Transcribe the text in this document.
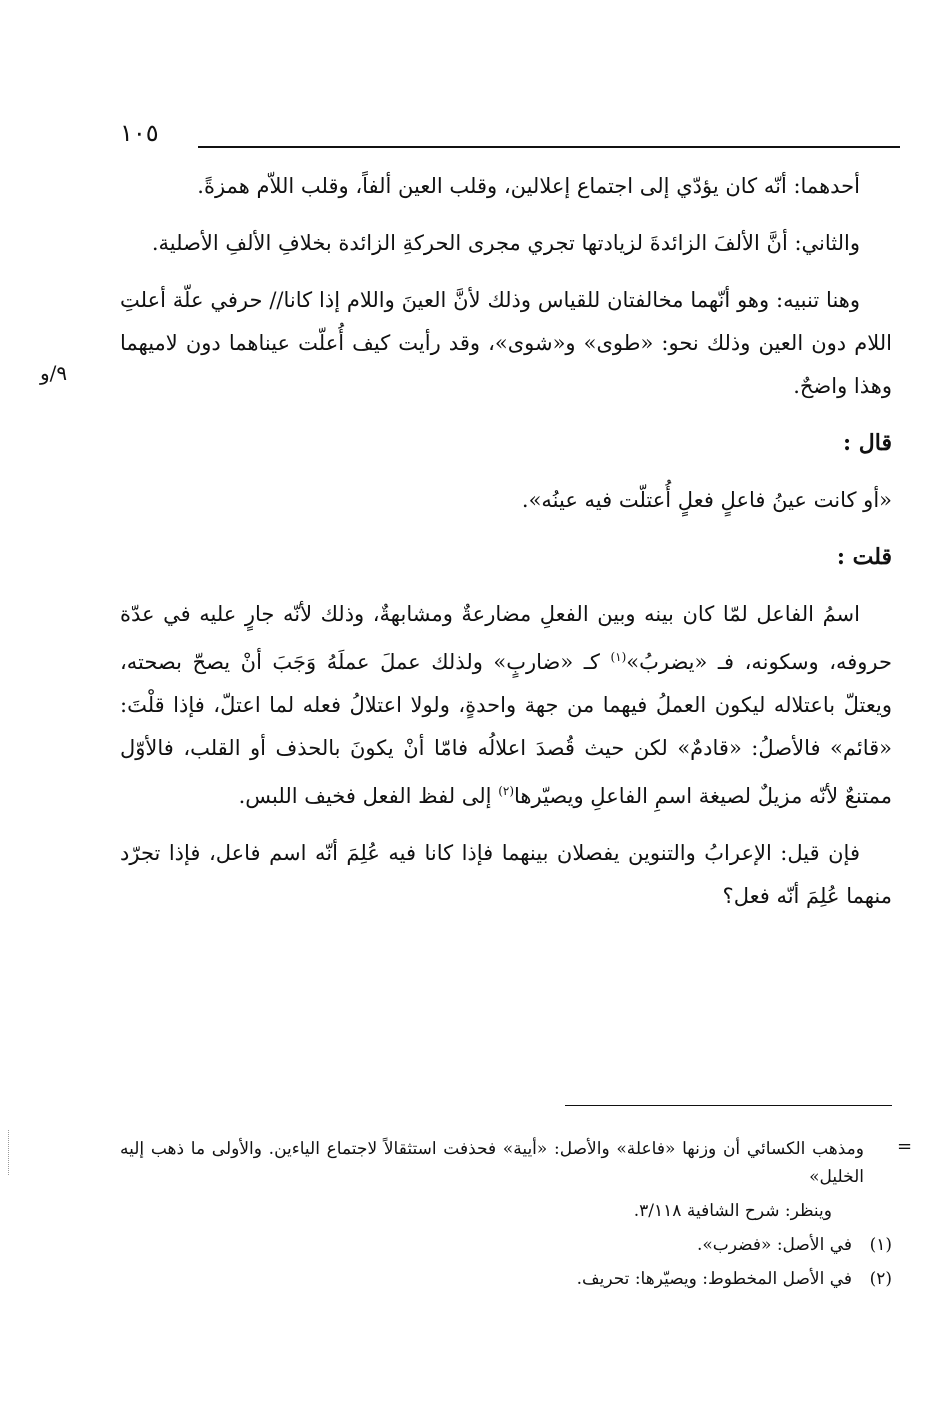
١٠٥
٩/و

أحدهما: أنّه كان يؤدّي إلى اجتماع إعلالين، وقلب العين ألفاً، وقلب اللاّم همزةً.

والثاني: أنَّ الألفَ الزائدةَ لزيادتها تجري مجرى الحركةِ الزائدة بخلافِ الألفِ الأصلية.

وهنا تنبيه: وهو أنّهما مخالفتان للقياس وذلك لأنَّ العينَ واللام إذا كانا// حرفي علّة أعلتِ اللام دون العين وذلك نحو: «طوى» و«شوى»، وقد رأيت كيف أُعلّت عيناهما دون لاميهما وهذا واضحٌ.

قال :

«أو كانت عينُ فاعلٍ فعلٍ أُعتلّت فيه عينُه».

قلت :

اسمُ الفاعل لمّا كان بينه وبين الفعلِ مضارعةٌ ومشابهةٌ، وذلك لأنّه جارٍ عليه في عدّة حروفه، وسكونه، فـ «يضربُ»$^{(١)}$ كـ «ضاربٍ» ولذلك عملَ عملَهُ وَجَبَ أنْ يصحّ بصحته، ويعتلّ باعتلاله ليكون العملُ فيهما من جهة واحدةٍ، ولولا اعتلالُ فعله لما اعتلّ، فإذا قلْتَ: «قائم» فالأصلُ: «قادمٌ» لكن حيث قُصدَ اعلالُه فامّا أنْ يكونَ بالحذف أو القلب، فالأوّل ممتنعٌ لأنّه مزيلٌ لصيغة اسمِ الفاعلِ ويصيّرها$^{(٢)}$ إلى لفظ الفعل فخيف اللبس.

فإن قيل: الإعرابُ والتنوين يفصلان بينهما فإذا كانا فيه عُلِمَ أنّه اسم فاعل، فإذا تجرّد منهما عُلِمَ أنّه فعل؟

=

ومذهب الكسائي أن وزنها «فاعلة» والأصل: «أيية» فحذفت استثقالاً لاجتماع الياءين. والأولى ما ذهب إليه الخليل»

وينظر: شرح الشافية ٣/١١٨.

(١)في الأصل: «فضرب».

(٢)في الأصل المخطوط: ويصيّرها: تحريف.
